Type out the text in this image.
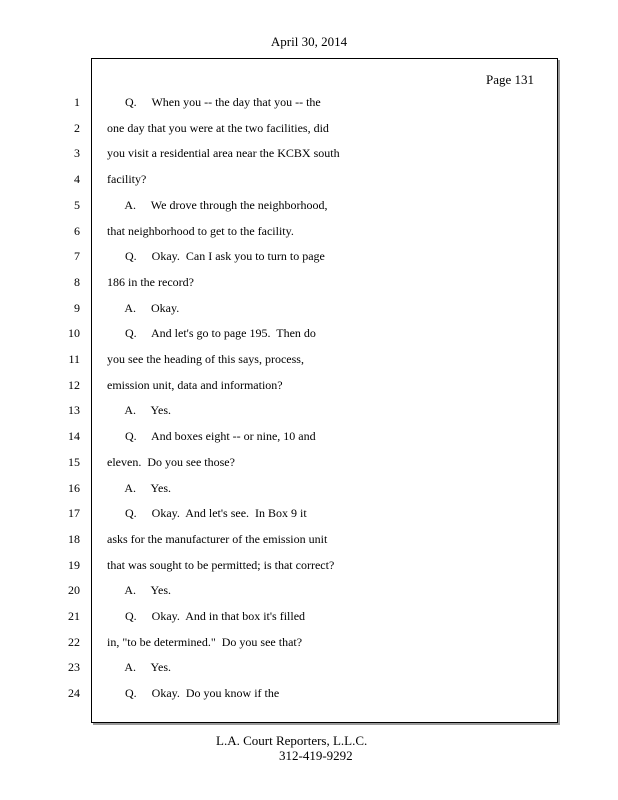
April 30, 2014
Page 131
1 Q.     When you -- the day that you -- the
2 one day that you were at the two facilities, did
3 you visit a residential area near the KCBX south
4 facility?
5 A.     We drove through the neighborhood,
6 that neighborhood to get to the facility.
7 Q.     Okay.  Can I ask you to turn to page
8 186 in the record?
9 A.     Okay.
10 Q.     And let's go to page 195.  Then do
11 you see the heading of this says, process,
12 emission unit, data and information?
13 A.     Yes.
14 Q.     And boxes eight -- or nine, 10 and
15 eleven.  Do you see those?
16 A.     Yes.
17 Q.     Okay.  And let's see.  In Box 9 it
18 asks for the manufacturer of the emission unit
19 that was sought to be permitted; is that correct?
20 A.     Yes.
21 Q.     Okay.  And in that box it's filled
22 in, "to be determined."  Do you see that?
23 A.     Yes.
24 Q.     Okay.  Do you know if the
L.A. Court Reporters, L.L.C.
312-419-9292
